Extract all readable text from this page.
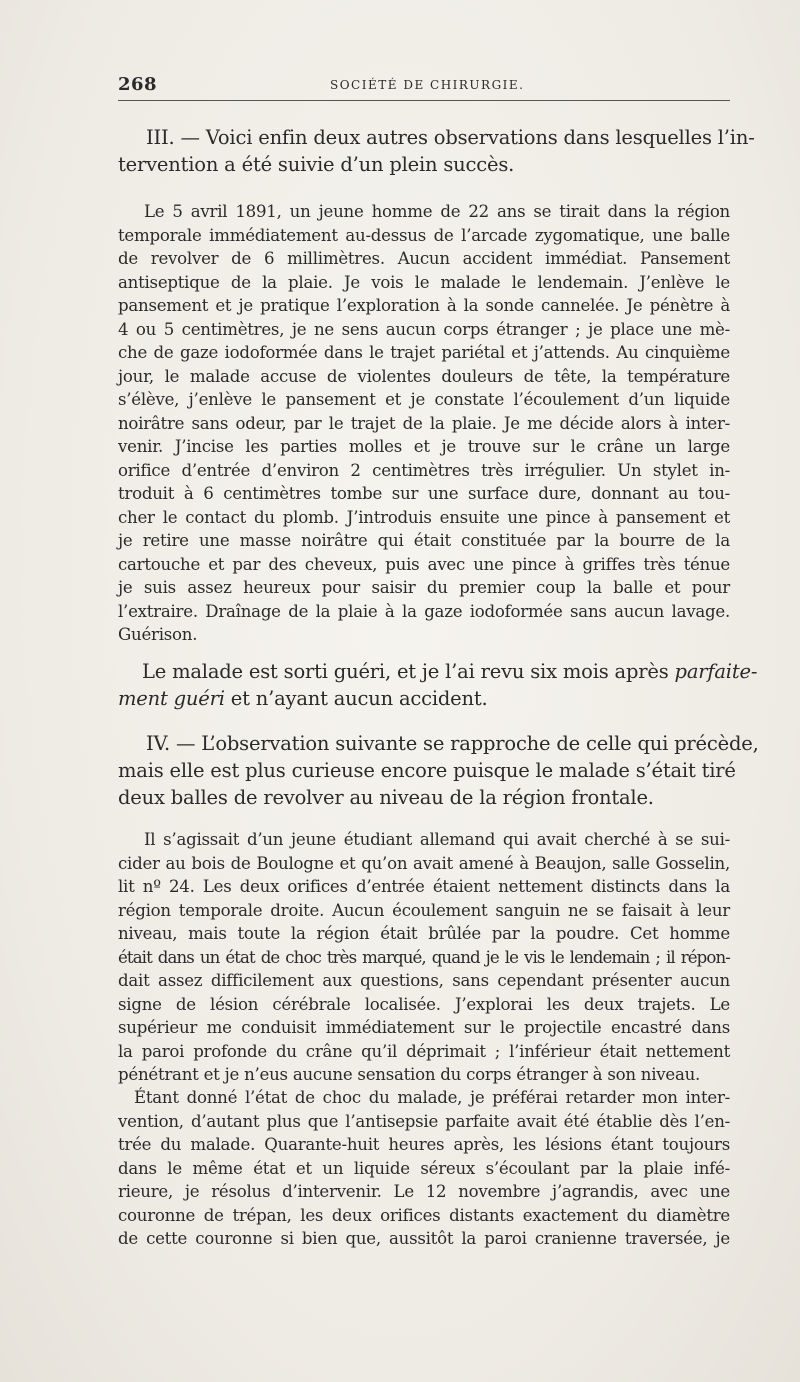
268	SOCIÉTÉ DE CHIRURGIE.
III. — Voici enfin deux autres observations dans lesquelles l’in-
tervention a été suivie d’un plein succès.
Le 5 avril 1891, un jeune homme de 22 ans se tirait dans la région
temporale immédiatement au-dessus de l’arcade zygomatique, une balle
de revolver de 6 millimètres. Aucun accident immédiat. Pansement
antiseptique de la plaie. Je vois le malade le lendemain. J’enlève le
pansement et je pratique l’exploration à la sonde cannelée. Je pénètre à
4 ou 5 centimètres, je ne sens aucun corps étranger ; je place une mè-
che de gaze iodoformée dans le trajet pariétal et j’attends. Au cinquième
jour, le malade accuse de violentes douleurs de tête, la température
s’élève, j’enlève le pansement et je constate l’écoulement d’un liquide
noirâtre sans odeur, par le trajet de la plaie. Je me décide alors à inter-
venir. J’incise les parties molles et je trouve sur le crâne un large
orifice d’entrée d’environ 2 centimètres très irrégulier. Un stylet in-
troduit à 6 centimètres tombe sur une surface dure, donnant au tou-
cher le contact du plomb. J’introduis ensuite une pince à pansement et
je retire une masse noirâtre qui était constituée par la bourre de la
cartouche et par des cheveux, puis avec une pince à griffes très ténue
je suis assez heureux pour saisir du premier coup la balle et pour
l’extraire. Draînage de la plaie à la gaze iodoformée sans aucun lavage.
Guérison.
Le malade est sorti guéri, et je l’ai revu six mois après parfaite-
ment guéri et n’ayant aucun accident.
IV. — L’observation suivante se rapproche de celle qui précède,
mais elle est plus curieuse encore puisque le malade s’était tiré
deux balles de revolver au niveau de la région frontale.
Il s’agissait d’un jeune étudiant allemand qui avait cherché à se sui-
cider au bois de Boulogne et qu’on avait amené à Beaujon, salle Gosselin,
lit nº 24. Les deux orifices d’entrée étaient nettement distincts dans la
région temporale droite. Aucun écoulement sanguin ne se faisait à leur
niveau, mais toute la région était brûlée par la poudre. Cet homme
était dans un état de choc très marqué, quand je le vis le lendemain ; il répon-
dait assez difficilement aux questions, sans cependant présenter aucun
signe de lésion cérébrale localisée. J’explorai les deux trajets. Le
supérieur me conduisit immédiatement sur le projectile encastré dans
la paroi profonde du crâne qu’il déprimait ; l’inférieur était nettement
pénétrant et je n’eus aucune sensation du corps étranger à son niveau.
Étant donné l’état de choc du malade, je préférai retarder mon inter-
vention, d’autant plus que l’antisepsie parfaite avait été établie dès l’en-
trée du malade. Quarante-huit heures après, les lésions étant toujours
dans le même état et un liquide séreux s’écoulant par la plaie infé-
rieure, je résolus d’intervenir. Le 12 novembre j’agrandis, avec une
couronne de trépan, les deux orifices distants exactement du diamètre
de cette couronne si bien que, aussitôt la paroi cranienne traversée, je
